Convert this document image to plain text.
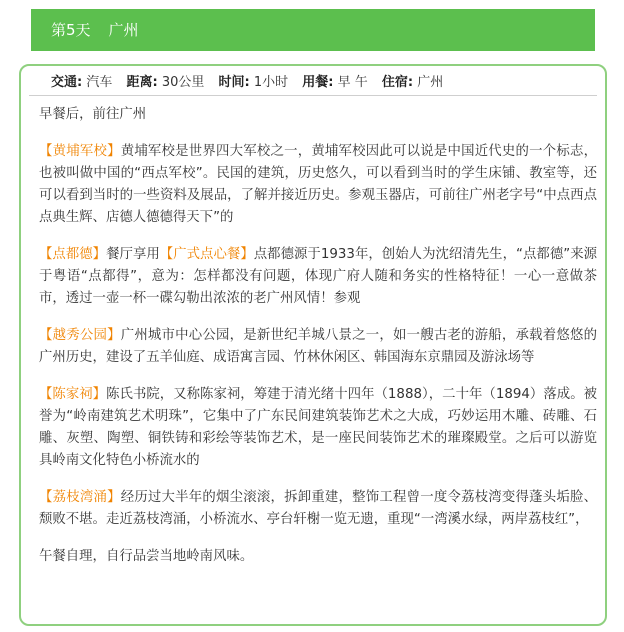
第5天 广州
交通: 汽车 距离: 30公里 时间: 1小时 用餐: 早 午 住宿: 广州

早餐后，前往广州

【黄埔军校】黄埔军校是世界四大军校之一，黄埔军校因此可以说是中国近代史的一个标志，也被叫做中国的“西点军校”。民国的建筑，历史悠久，可以看到当时的学生床铺、教室等，还可以看到当时的一些资料及展品，了解并接近历史。参观玉器店，可前往广州老字号“中点西点点典生辉、店德人德德得天下”的

【点都德】餐厅享用【广式点心餐】点都德源于1933年，创始人为沈绍清先生，“点都德”来源于粤语“点都得”，意为：怎样都没有问题，体现广府人随和务实的性格特征！一心一意做茶市，透过一壶一杯一碟勾勒出浓浓的老广州风情！参观

【越秀公园】广州城市中心公园，是新世纪羊城八景之一，如一艘古老的游船，承载着悠悠的广州历史，建设了五羊仙庭、成语寓言园、竹林休闲区、韩国海东京鼎园及游泳场等

【陈家祠】陈氏书院，又称陈家祠，筹建于清光绪十四年（1888），二十年（1894）落成。被誉为“岭南建筑艺术明珠”，它集中了广东民间建筑装饰艺术之大成，巧妙运用木雕、砖雕、石雕、灰塑、陶塑、铜铁铸和彩绘等装饰艺术，是一座民间装饰艺术的璀璨殿堂。之后可以游览具岭南文化特色小桥流水的

【荔枝湾涌】经历过大半年的烟尘滚滚，拆卸重建，整饰工程曾一度令荔枝湾变得蓬头垢脸、颓败不堪。走近荔枝湾涌，小桥流水、亭台轩榭一览无遗，重现“一湾溪水绿，两岸荔枝红”，

午餐自理，自行品尝当地岭南风味。
